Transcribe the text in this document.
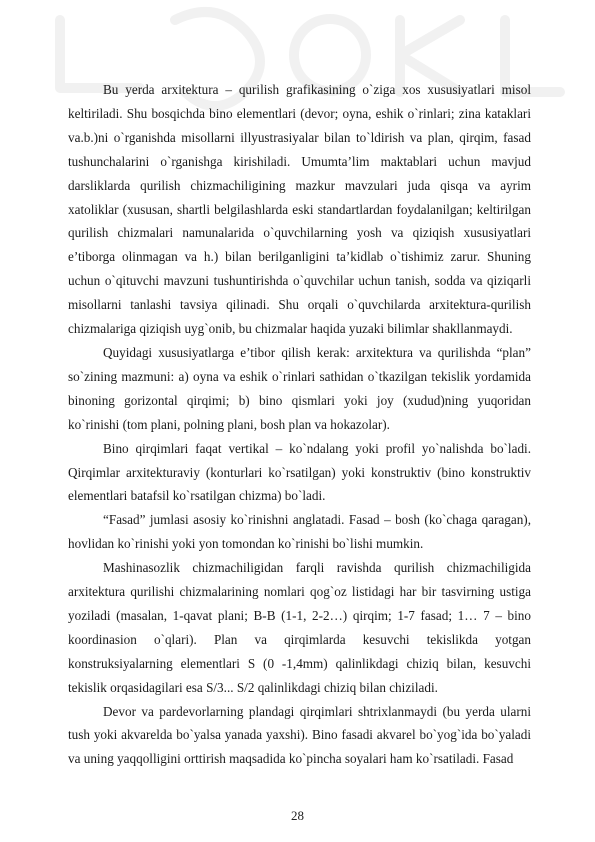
Bu yerda arxitektura – qurilish grafikasining o`ziga xos xususiyatlari misol keltiriladi. Shu bosqichda bino elementlari (devor; oyna, eshik o`rinlari; zina kataklari va.b.)ni o`rganishda misollarni illyustrasiyalar bilan to`ldirish va plan, qirqim, fasad tushunchalarini o`rganishga kirishiladi. Umumta’lim maktablari uchun mavjud darsliklarda qurilish chizmachiligining mazkur mavzulari juda qisqa va ayrim xatoliklar (xususan, shartli belgilashlarda eski standartlardan foydalanilgan; keltirilgan qurilish chizmalari namunalarida o`quvchilarning yosh va qiziqish xususiyatlari e’tiborga olinmagan va h.) bilan berilganligini ta’kidlab o`tishimiz zarur. Shuning uchun o`qituvchi mavzuni tushuntirishda o`quvchilar uchun tanish, sodda va qiziqarli misollarni tanlashi tavsiya qilinadi. Shu orqali o`quvchilarda arxitektura-qurilish chizmalariga qiziqish uyg`onib, bu chizmalar haqida yuzaki bilimlar shakllanmaydi.

Quyidagi xususiyatlarga e’tibor qilish kerak: arxitektura va qurilishda “plan” so`zining mazmuni: a) oyna va eshik o`rinlari sathidan o`tkazilgan tekislik yordamida binoning gorizontal qirqimi; b) bino qismlari yoki joy (xudud)ning yuqoridan ko`rinishi (tom plani, polning plani, bosh plan va hokazolar).

Bino qirqimlari faqat vertikal – ko`ndalang yoki profil yo`nalishda bo`ladi. Qirqimlar arxitekturaviy (konturlari ko`rsatilgan) yoki konstruktiv (bino konstruktiv elementlari batafsil ko`rsatilgan chizma) bo`ladi.

“Fasad” jumlasi asosiy ko`rinishni anglatadi. Fasad – bosh (ko`chaga qaragan), hovlidan ko`rinishi yoki yon tomondan ko`rinishi bo`lishi mumkin.

Mashinasozlik chizmachiligidan farqli ravishda qurilish chizmachiligida arxitektura qurilishi chizmalarining nomlari qog`oz listidagi har bir tasvirning ustiga yoziladi (masalan, 1-qavat plani; B-B (1-1, 2-2…) qirqim; 1-7 fasad; 1… 7 – bino koordinasion o`qlari). Plan va qirqimlarda kesuvchi tekislikda yotgan konstruksiyalarning elementlari S (0 -1,4mm) qalinlikdagi chiziq bilan, kesuvchi tekislik orqasidagilari esa S/3... S/2 qalinlikdagi chiziq bilan chiziladi.

Devor va pardevorlarning plandagi qirqimlari shtrixlanmaydi (bu yerda ularni tush yoki akvarelda bo`yalsa yanada yaxshi). Bino fasadi akvarel bo`yog`ida bo`yaladi va uning yaqqolligini orttirish maqsadida ko`pincha soyalari ham ko`rsatiladi. Fasad

28
